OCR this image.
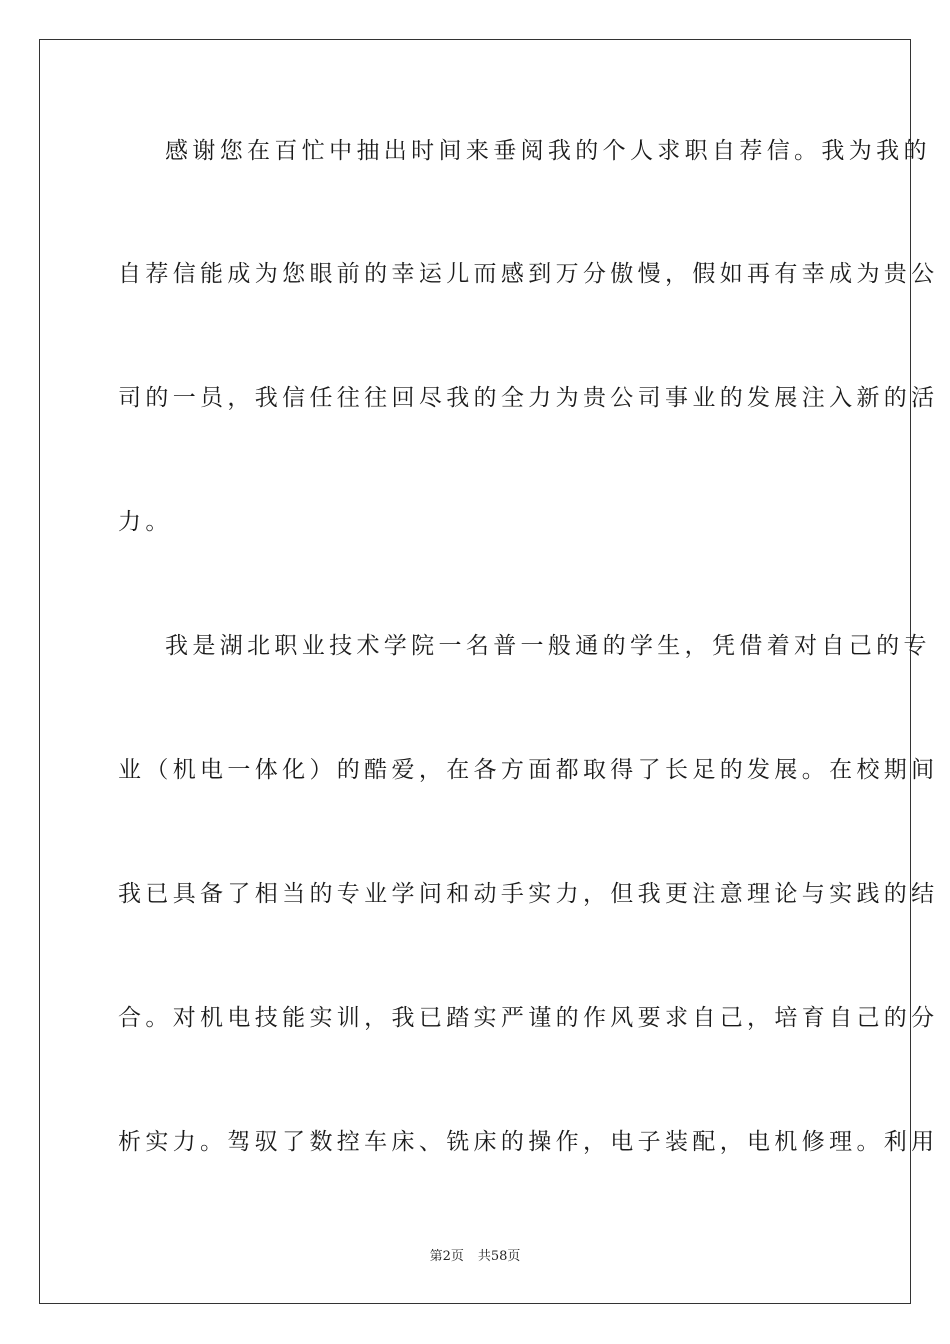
感谢您在百忙中抽出时间来垂阅我的个人求职自荐信。我为我的
自荐信能成为您眼前的幸运儿而感到万分傲慢，假如再有幸成为贵公
司的一员，我信任往往回尽我的全力为贵公司事业的发展注入新的活
力。
我是湖北职业技术学院一名普一般通的学生，凭借着对自己的专
业（机电一体化）的酷爱，在各方面都取得了长足的发展。在校期间
我已具备了相当的专业学问和动手实力，但我更注意理论与实践的结
合。对机电技能实训，我已踏实严谨的作风要求自己，培育自己的分
析实力。驾驭了数控车床、铣床的操作，电子装配，电机修理。利用
第2页 共58页
